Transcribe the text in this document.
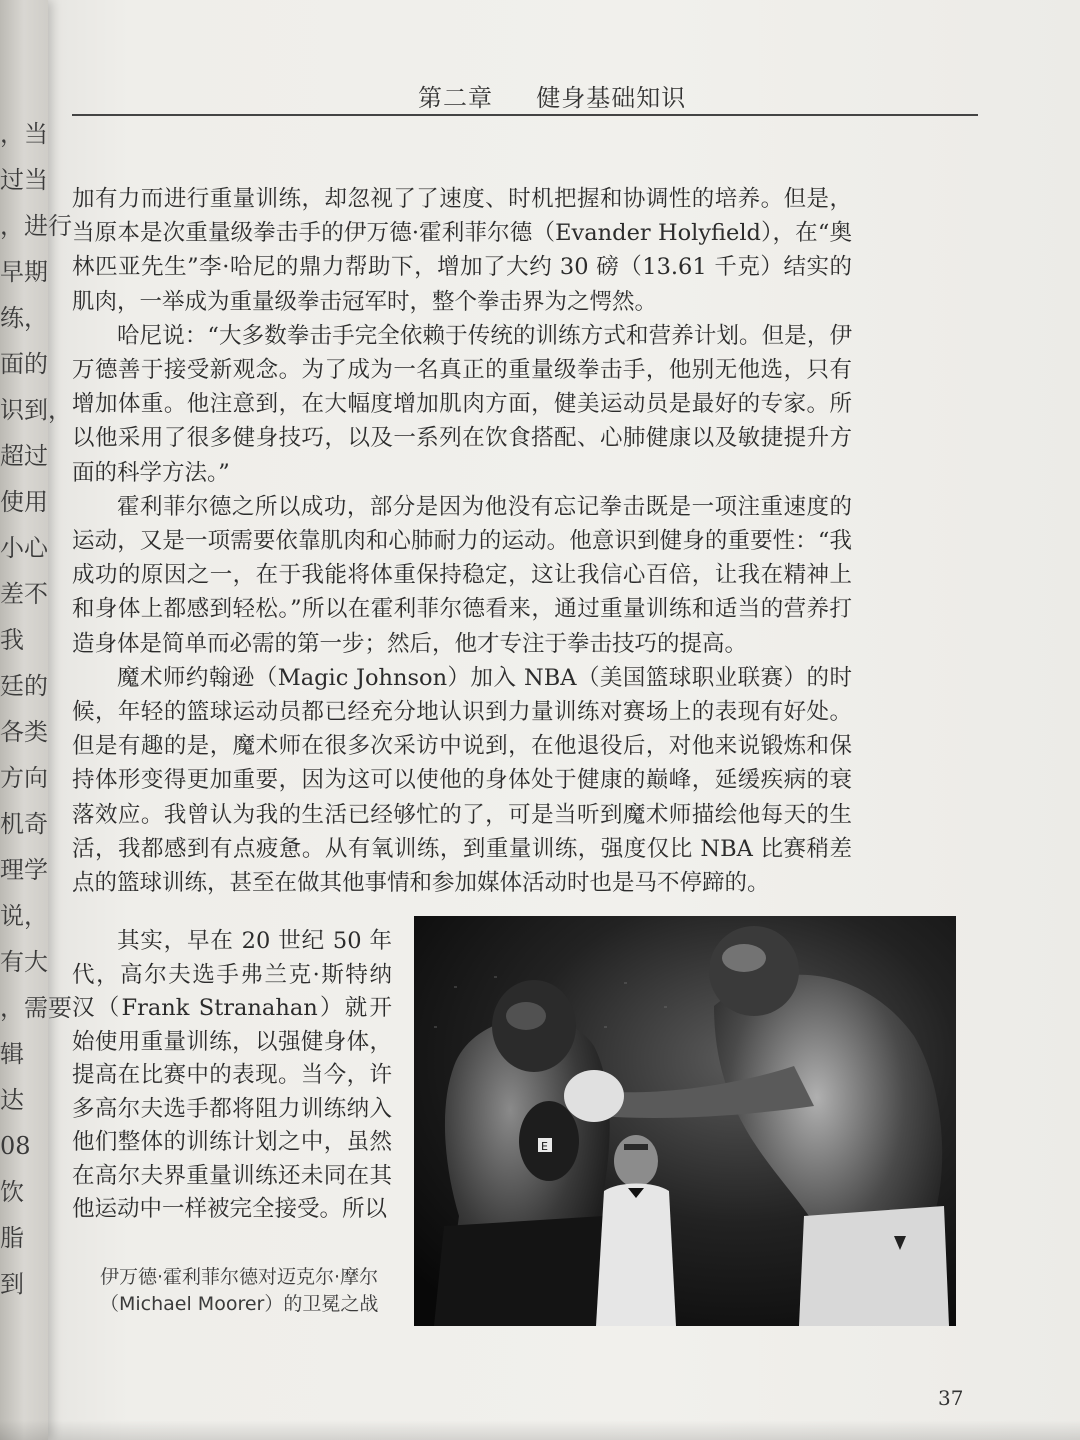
，当
过当
，进行
早期
练，
面的
识到，
超过
使用
小心
差不
我
廷的
各类
方向
机奇
理学
说，
有大
，需要
辑
达
08
饮
脂
到
第二章 健身基础知识

加有力而进行重量训练，却忽视了了速度、时机把握和协调性的培养。但是，当原本是次重量级拳击手的伊万德·霍利菲尔德（Evander Holyfield），在“奥林匹亚先生”李·哈尼的鼎力帮助下，增加了大约 30 磅（13.61 千克）结实的肌肉，一举成为重量级拳击冠军时，整个拳击界为之愕然。

哈尼说：“大多数拳击手完全依赖于传统的训练方式和营养计划。但是，伊万德善于接受新观念。为了成为一名真正的重量级拳击手，他别无他选，只有增加体重。他注意到，在大幅度增加肌肉方面，健美运动员是最好的专家。所以他采用了很多健身技巧，以及一系列在饮食搭配、心肺健康以及敏捷提升方面的科学方法。”

霍利菲尔德之所以成功，部分是因为他没有忘记拳击既是一项注重速度的运动，又是一项需要依靠肌肉和心肺耐力的运动。他意识到健身的重要性：“我成功的原因之一，在于我能将体重保持稳定，这让我信心百倍，让我在精神上和身体上都感到轻松。”所以在霍利菲尔德看来，通过重量训练和适当的营养打造身体是简单而必需的第一步；然后，他才专注于拳击技巧的提高。

魔术师约翰逊（Magic Johnson）加入 NBA（美国篮球职业联赛）的时候，年轻的篮球运动员都已经充分地认识到力量训练对赛场上的表现有好处。但是有趣的是，魔术师在很多次采访中说到，在他退役后，对他来说锻炼和保持体形变得更加重要，因为这可以使他的身体处于健康的巅峰，延缓疾病的衰落效应。我曾认为我的生活已经够忙的了，可是当听到魔术师描绘他每天的生活，我都感到有点疲惫。从有氧训练，到重量训练，强度仅比 NBA 比赛稍差点的篮球训练，甚至在做其他事情和参加媒体活动时也是马不停蹄的。

其实，早在 20 世纪 50 年代，高尔夫选手弗兰克·斯特纳汉（Frank Stranahan）就开始使用重量训练，以强健身体，提高在比赛中的表现。当今，许多高尔夫选手都将阻力训练纳入他们整体的训练计划之中，虽然在高尔夫界重量训练还未同在其他运动中一样被完全接受。所以

E
伊万德·霍利菲尔德对迈克尔·摩尔（Michael Moorer）的卫冕之战
37
